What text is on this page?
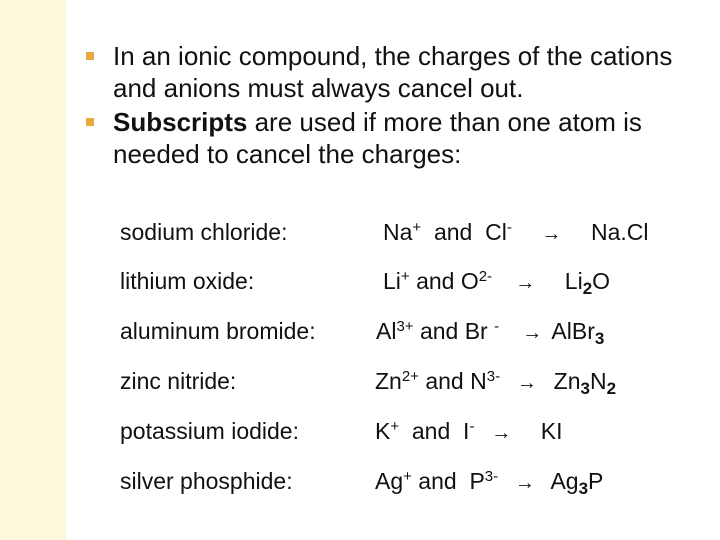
In an ionic compound, the charges of the cations and anions must always cancel out.
Subscripts are used if more than one atom is needed to cancel the charges:
sodium chloride:	Na+ and Cl- → Na.Cl
lithium oxide:	Li+ and $O^{2-} \to Li_2O$
aluminum bromide:	$Al^{3+}$ and Br - → AlBr$_3$
zinc nitride:	$Zn^{2+}$ and $N^{3-} \to Zn_3N_2$
potassium iodide:	K+ and I- → KI
silver phosphide:	Ag+ and $P^{3-} \to Ag_3P$
